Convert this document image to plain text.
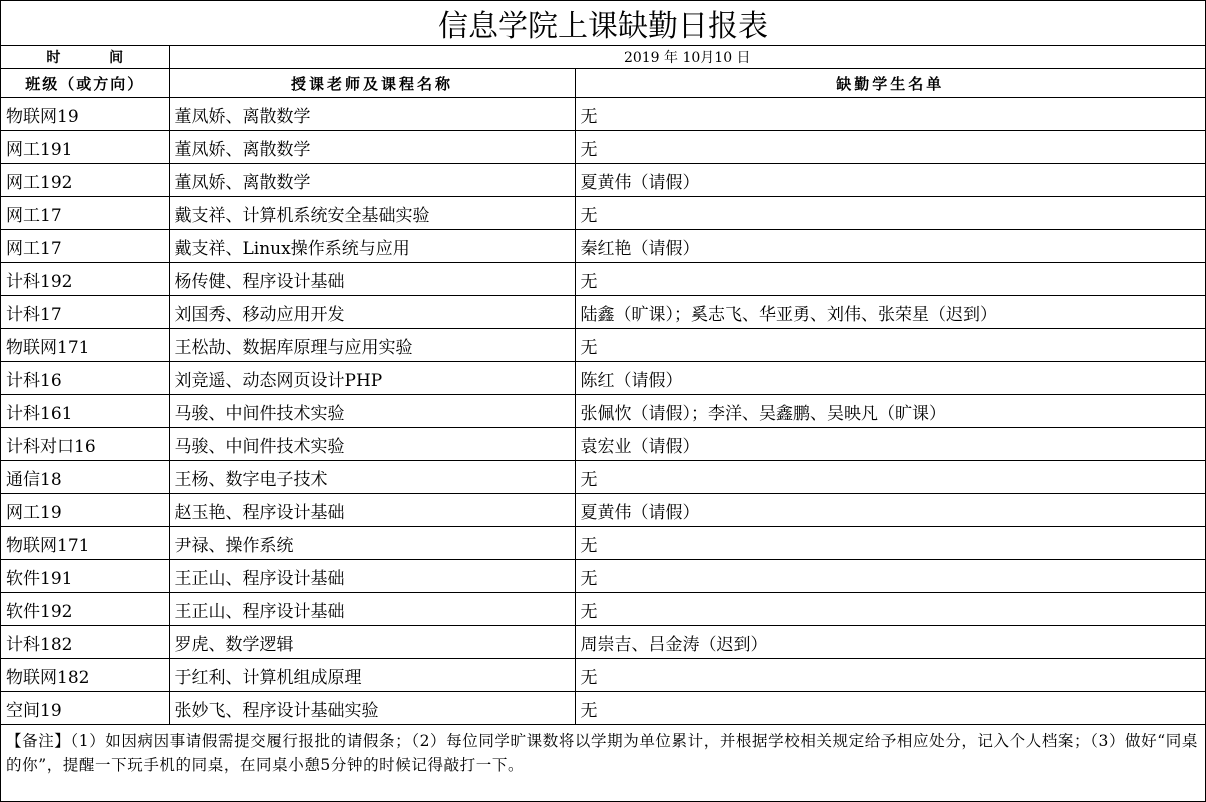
信息学院上课缺勤日报表		
时 间	2019 年 10月10 日	
班级（或方向）	授课老师及课程名称	缺勤学生名单
物联网19	董凤娇、离散数学	无
网工191	董凤娇、离散数学	无
网工192	董凤娇、离散数学	夏黄伟（请假）
网工17	戴支祥、计算机系统安全基础实验	无
网工17	戴支祥、Linux操作系统与应用	秦红艳（请假）
计科192	杨传健、程序设计基础	无
计科17	刘国秀、移动应用开发	陆鑫（旷课）；奚志飞、华亚勇、刘伟、张荣星（迟到）
物联网171	王松劼、数据库原理与应用实验	无
计科16	刘竞遥、动态网页设计PHP	陈红（请假）
计科161	马骏、中间件技术实验	张佩忺（请假）；李洋、吴鑫鹏、吴映凡（旷课）
计科对口16	马骏、中间件技术实验	袁宏业（请假）
通信18	王杨、数字电子技术	无
网工19	赵玉艳、程序设计基础	夏黄伟（请假）
物联网171	尹禄、操作系统	无
软件191	王正山、程序设计基础	无
软件192	王正山、程序设计基础	无
计科182	罗虎、数学逻辑	周崇吉、吕金涛（迟到）
物联网182	于红利、计算机组成原理	无
空间19	张妙飞、程序设计基础实验	无
【备注】（1）如因病因事请假需提交履行报批的请假条；（2）每位同学旷课数将以学期为单位累计，并根据学校相关规定给予相应处分，记入个人档案；（3）做好“同桌的你”，提醒一下玩手机的同桌，在同桌小憩5分钟的时候记得敲打一下。		
